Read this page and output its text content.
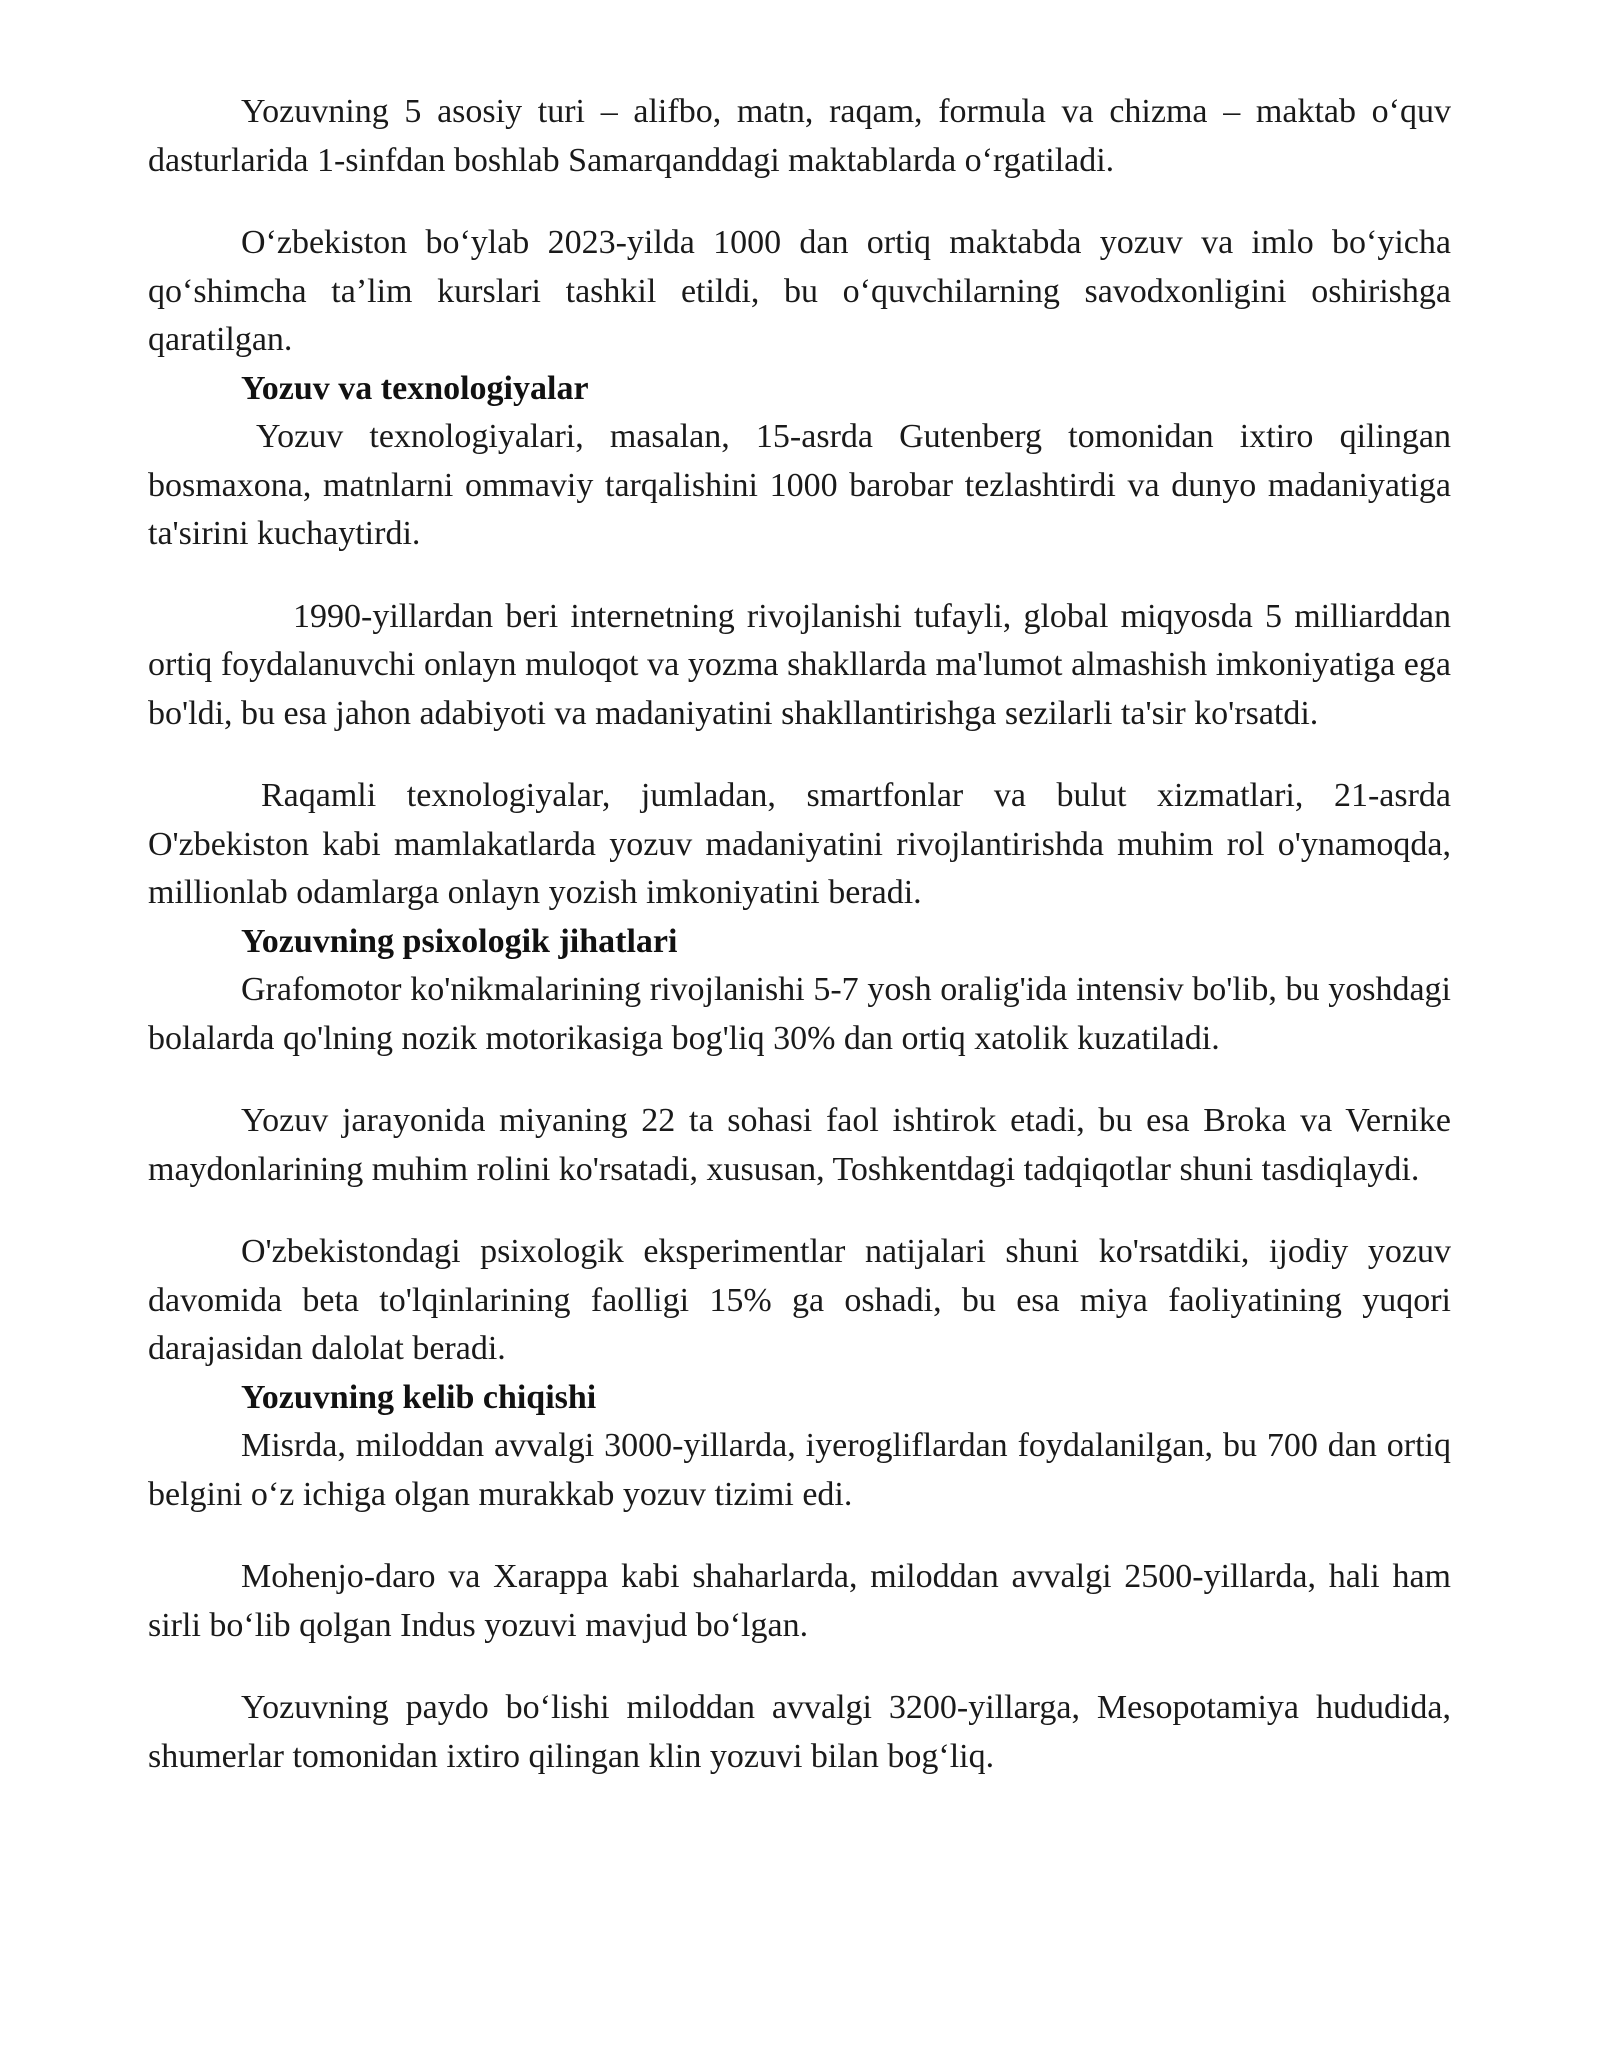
Yozuvning 5 asosiy turi – alifbo, matn, raqam, formula va chizma – maktab o‘quv dasturlarida 1-sinfdan boshlab Samarqanddagi maktablarda o‘rgatiladi.

O‘zbekiston bo‘ylab 2023-yilda 1000 dan ortiq maktabda yozuv va imlo bo‘yicha qo‘shimcha ta’lim kurslari tashkil etildi, bu o‘quvchilarning savodxonligini oshirishga qaratilgan.

Yozuv va texnologiyalar

Yozuv texnologiyalari, masalan, 15-asrda Gutenberg tomonidan ixtiro qilingan bosmaxona, matnlarni ommaviy tarqalishini 1000 barobar tezlashtirdi va dunyo madaniyatiga ta'sirini kuchaytirdi.

1990-yillardan beri internetning rivojlanishi tufayli, global miqyosda 5 milliarddan ortiq foydalanuvchi onlayn muloqot va yozma shakllarda ma'lumot almashish imkoniyatiga ega bo'ldi, bu esa jahon adabiyoti va madaniyatini shakllantirishga sezilarli ta'sir ko'rsatdi.

Raqamli texnologiyalar, jumladan, smartfonlar va bulut xizmatlari, 21-asrda O'zbekiston kabi mamlakatlarda yozuv madaniyatini rivojlantirishda muhim rol o'ynamoqda, millionlab odamlarga onlayn yozish imkoniyatini beradi.

Yozuvning psixologik jihatlari

Grafomotor ko'nikmalarining rivojlanishi 5-7 yosh oralig'ida intensiv bo'lib, bu yoshdagi bolalarda qo'lning nozik motorikasiga bog'liq 30% dan ortiq xatolik kuzatiladi.

Yozuv jarayonida miyaning 22 ta sohasi faol ishtirok etadi, bu esa Broka va Vernike maydonlarining muhim rolini ko'rsatadi, xususan, Toshkentdagi tadqiqotlar shuni tasdiqlaydi.

O'zbekistondagi psixologik eksperimentlar natijalari shuni ko'rsatdiki, ijodiy yozuv davomida beta to'lqinlarining faolligi 15% ga oshadi, bu esa miya faoliyatining yuqori darajasidan dalolat beradi.

Yozuvning kelib chiqishi

Misrda, miloddan avvalgi 3000-yillarda, iyerogliflardan foydalanilgan, bu 700 dan ortiq belgini o‘z ichiga olgan murakkab yozuv tizimi edi.

Mohenjo-daro va Xarappa kabi shaharlarda, miloddan avvalgi 2500-yillarda, hali ham sirli bo‘lib qolgan Indus yozuvi mavjud bo‘lgan.

Yozuvning paydo bo‘lishi miloddan avvalgi 3200-yillarga, Mesopotamiya hududida, shumerlar tomonidan ixtiro qilingan klin yozuvi bilan bog‘liq.
